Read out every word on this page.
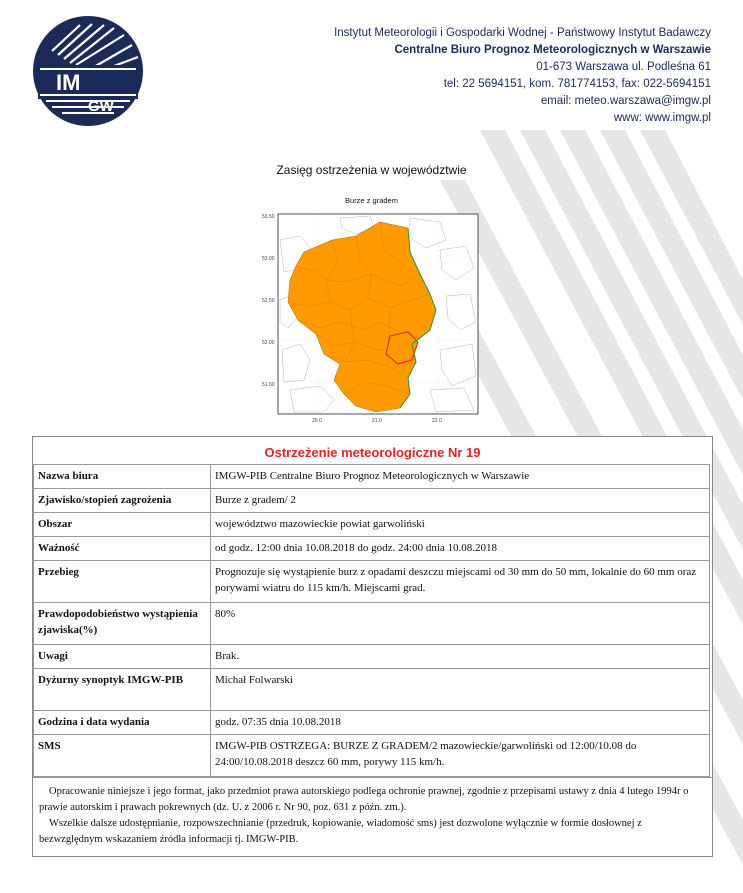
IM
GW
Instytut Meteorologii i Gospodarki Wodnej - Państwowy Instytut Badawczy
Centralne Biuro Prognoz Meteorologicznych w Warszawie
01-673 Warszawa ul. Podleśna 61
tel: 22 5694151, kom. 781774153, fax: 022-5694151
email: meteo.warszawa@imgw.pl
www: www.imgw.pl
Zasięg ostrzeżenia w województwie
Burze z gradem
53.50
53.00
52.50
52.00
51.50
20.0	21.0	22.0
Ostrzeżenie meteorologiczne Nr 19
Nazwa biura	IMGW-PIB Centralne Biuro Prognoz Meteorologicznych w Warszawie
Zjawisko/stopień zagrożenia	Burze z gradem/ 2
Obszar	województwo mazowieckie powiat garwoliński
Ważność	od godz. 12:00 dnia 10.08.2018 do godz. 24:00 dnia 10.08.2018
Przebieg	Prognozuje się wystąpienie burz z opadami deszczu miejscami od 30 mm do 50 mm, lokalnie do 60 mm oraz porywami wiatru do 115 km/h. Miejscami grad.
Prawdopodobieństwo wystąpienia zjawiska(%)	80%
Uwagi	Brak.
Dyżurny synoptyk IMGW-PIB	Michał Folwarski
Godzina i data wydania	godz. 07:35 dnia 10.08.2018
SMS	IMGW-PIB OSTRZEGA: BURZE Z GRADEM/2 mazowieckie/garwoliński od 12:00/10.08 do 24:00/10.08.2018 deszcz 60 mm, porywy 115 km/h.

Opracowanie niniejsze i jego format, jako przedmiot prawa autorskiego podlega ochronie prawnej, zgodnie z przepisami ustawy z dnia 4 lutego 1994r o prawie autorskim i prawach pokrewnych (dz. U. z 2006 r. Nr 90, poz. 631 z późn. zm.).

Wszelkie dalsze udostępnianie, rozpowszechnianie (przedruk, kopiowanie, wiadomość sms) jest dozwolone wyłącznie w formie dosłownej z bezwzględnym wskazaniem źródła informacji tj. IMGW-PIB.
